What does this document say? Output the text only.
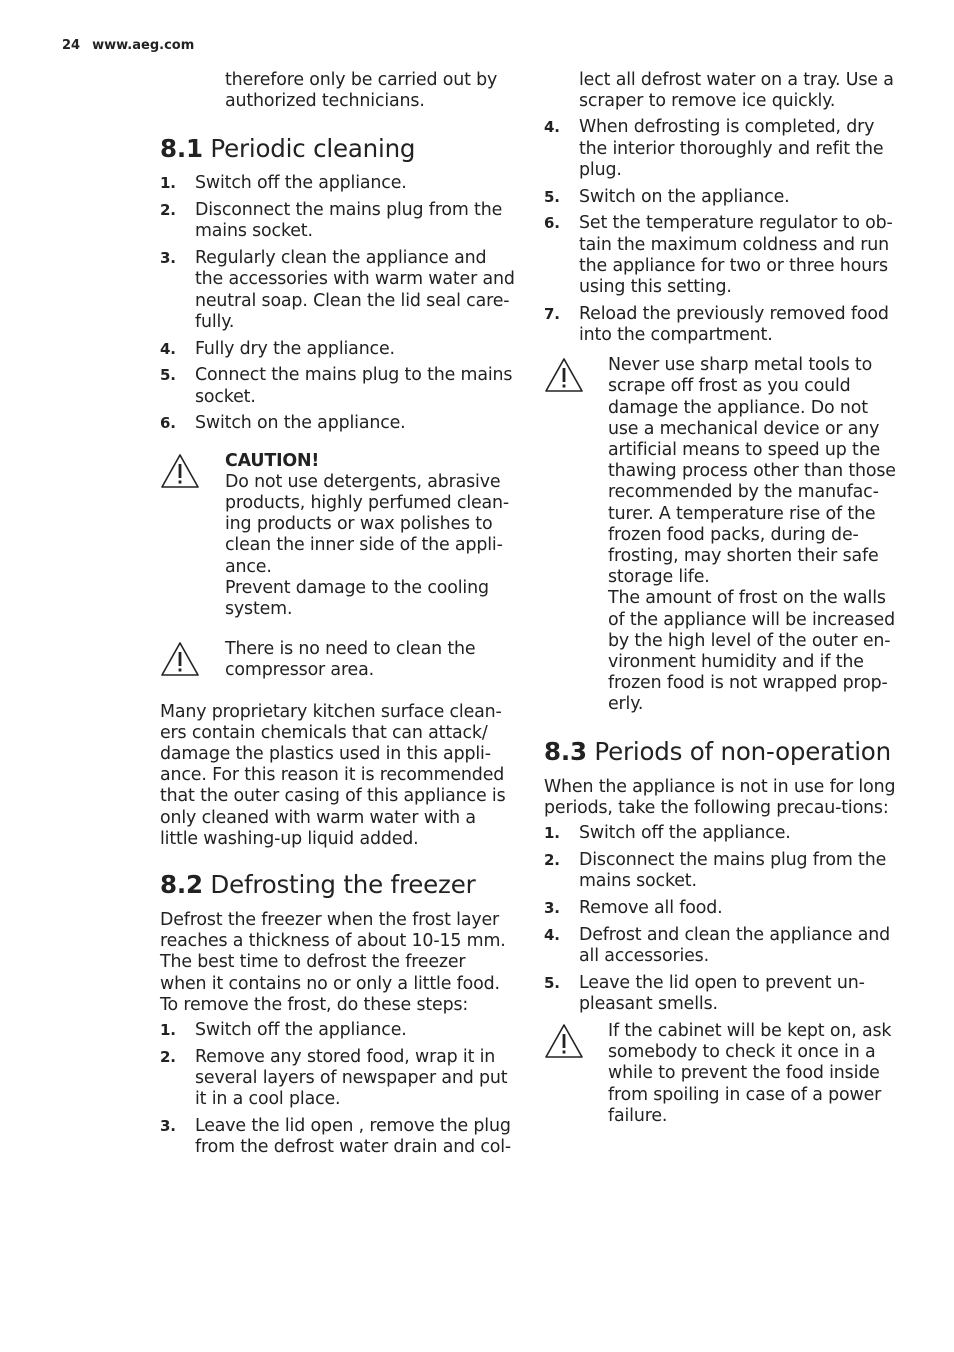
24 www.aeg.com

therefore only be carried out by
authorized technicians.

8.1 Periodic cleaning
1. Switch off the appliance.
2. Disconnect the mains plug from the mains socket.
3. Regularly clean the appliance and the accessories with warm water and neutral soap. Clean the lid seal care-fully.
4. Fully dry the appliance.
5. Connect the mains plug to the mains socket.
6. Switch on the appliance.

CAUTION!

Do not use detergents, abrasive products, highly perfumed clean-ing products or wax polishes to clean the inner side of the appli-ance.

Prevent damage to the cooling system.

There is no need to clean the compressor area.

Many proprietary kitchen surface clean-ers contain chemicals that can attack/ damage the plastics used in this appli-ance. For this reason it is recommended that the outer casing of this appliance is only cleaned with warm water with a little washing-up liquid added.

8.2 Defrosting the freezer

Defrost the freezer when the frost layer reaches a thickness of about 10-15 mm. The best time to defrost the freezer when it contains no or only a little food. To remove the frost, do these steps:

1. Switch off the appliance.
2. Remove any stored food, wrap it in several layers of newspaper and put it in a cool place.
3. Leave the lid open , remove the plug from the defrost water drain and col-

lect all defrost water on a tray. Use a scraper to remove ice quickly.

4. When defrosting is completed, dry the interior thoroughly and refit the plug.
5. Switch on the appliance.
6. Set the temperature regulator to ob-tain the maximum coldness and run the appliance for two or three hours using this setting.
7. Reload the previously removed food into the compartment.

Never use sharp metal tools to scrape off frost as you could damage the appliance. Do not use a mechanical device or any artificial means to speed up the thawing process other than those recommended by the manufac-turer. A temperature rise of the frozen food packs, during de-frosting, may shorten their safe storage life.

The amount of frost on the walls of the appliance will be increased by the high level of the outer en-vironment humidity and if the frozen food is not wrapped prop-erly.

8.3 Periods of non-operation

When the appliance is not in use for long periods, take the following precau-tions:

1. Switch off the appliance.
2. Disconnect the mains plug from the mains socket.
3. Remove all food.
4. Defrost and clean the appliance and all accessories.
5. Leave the lid open to prevent un-pleasant smells.

If the cabinet will be kept on, ask somebody to check it once in a while to prevent the food inside from spoiling in case of a power failure.
